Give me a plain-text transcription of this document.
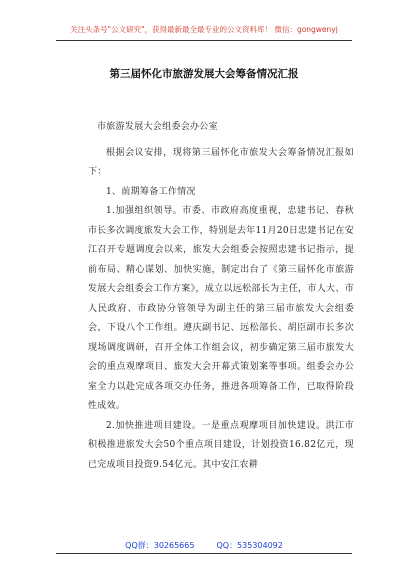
关注头条号"公文研究"，获得最新最全最专业的公文资料库！ 微信：gongwenyj
第三届怀化市旅游发展大会筹备情况汇报

市旅游发展大会组委会办公室

根据会议安排，现将第三届怀化市旅发大会筹备情况汇报如下：

1、前期筹备工作情况

1.加强组织领导。市委、市政府高度重视，忠建书记、春秋市长多次调度旅发大会工作，特别是去年11月20日忠建书记在安江召开专题调度会以来，旅发大会组委会按照忠建书记指示，提前布局、精心谋划、加快实施，制定出台了《第三届怀化市旅游发展大会组委会工作方案》，成立以远松部长为主任，市人大、市人民政府、市政协分管领导为副主任的第三届市旅发大会组委会，下设八个工作组。遵庆副书记、远松部长、胡臣副市长多次现场调度调研，召开全体工作组会议，初步确定第三届市旅发大会的重点观摩项目、旅发大会开幕式策划案等事项。组委会办公室全力以赴完成各项交办任务，推进各项筹备工作，已取得阶段性成效。

2.加快推进项目建设。一是重点观摩项目加快建设。洪江市积极推进旅发大会50个重点项目建设，计划投资16.82亿元，现已完成项目投资9.54亿元。其中安江农耕

QQ群：30265665	QQ：535304092
